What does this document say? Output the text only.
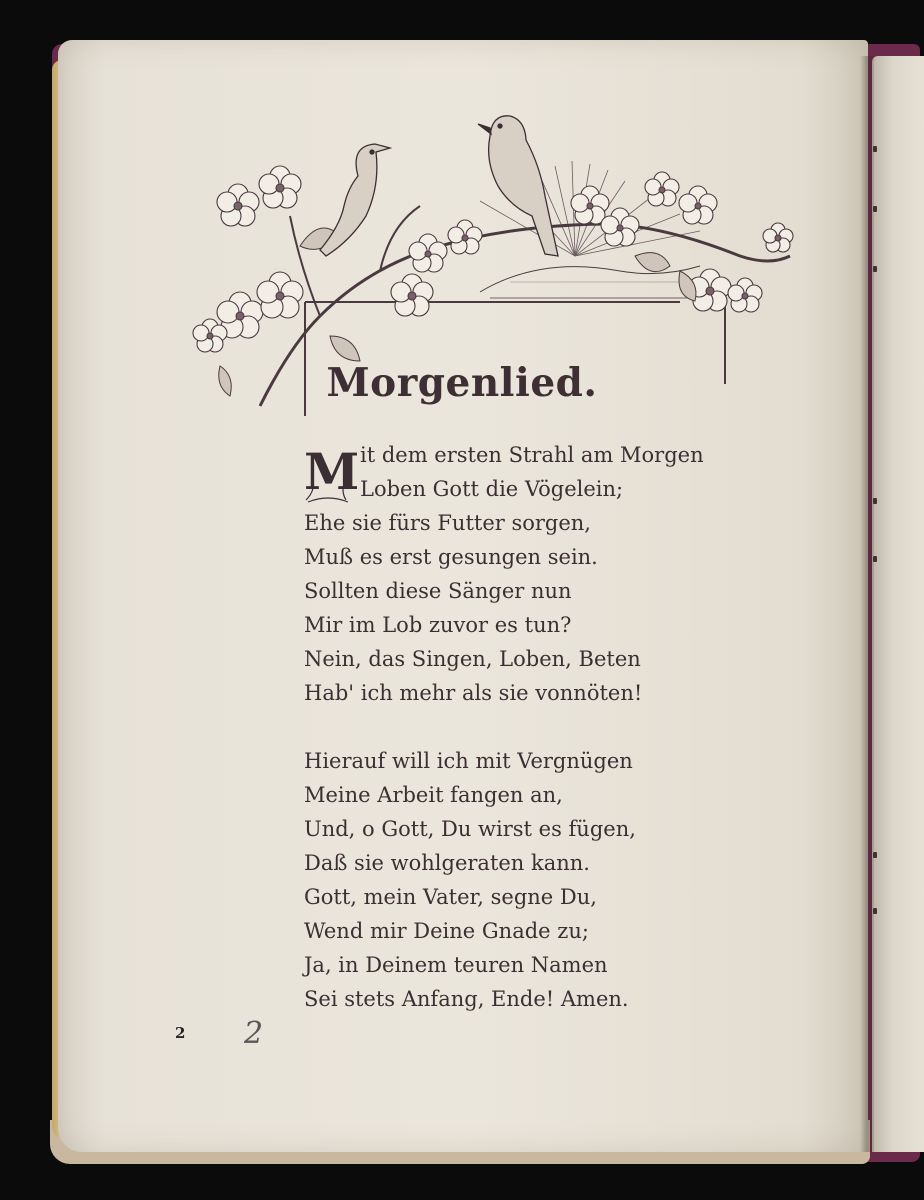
Morgenlied.
M it dem ersten Strahl am Morgen
Loben Gott die Vögelein;
Ehe sie fürs Futter sorgen,
Muß es erst gesungen sein.
Sollten diese Sänger nun
Mir im Lob zuvor es tun?
Nein, das Singen, Loben, Beten
Hab' ich mehr als sie vonnöten!
Hierauf will ich mit Vergnügen
Meine Arbeit fangen an,
Und, o Gott, Du wirst es fügen,
Daß sie wohlgeraten kann.
Gott, mein Vater, segne Du,
Wend mir Deine Gnade zu;
Ja, in Deinem teuren Namen
Sei stets Anfang, Ende! Amen.
2 2
